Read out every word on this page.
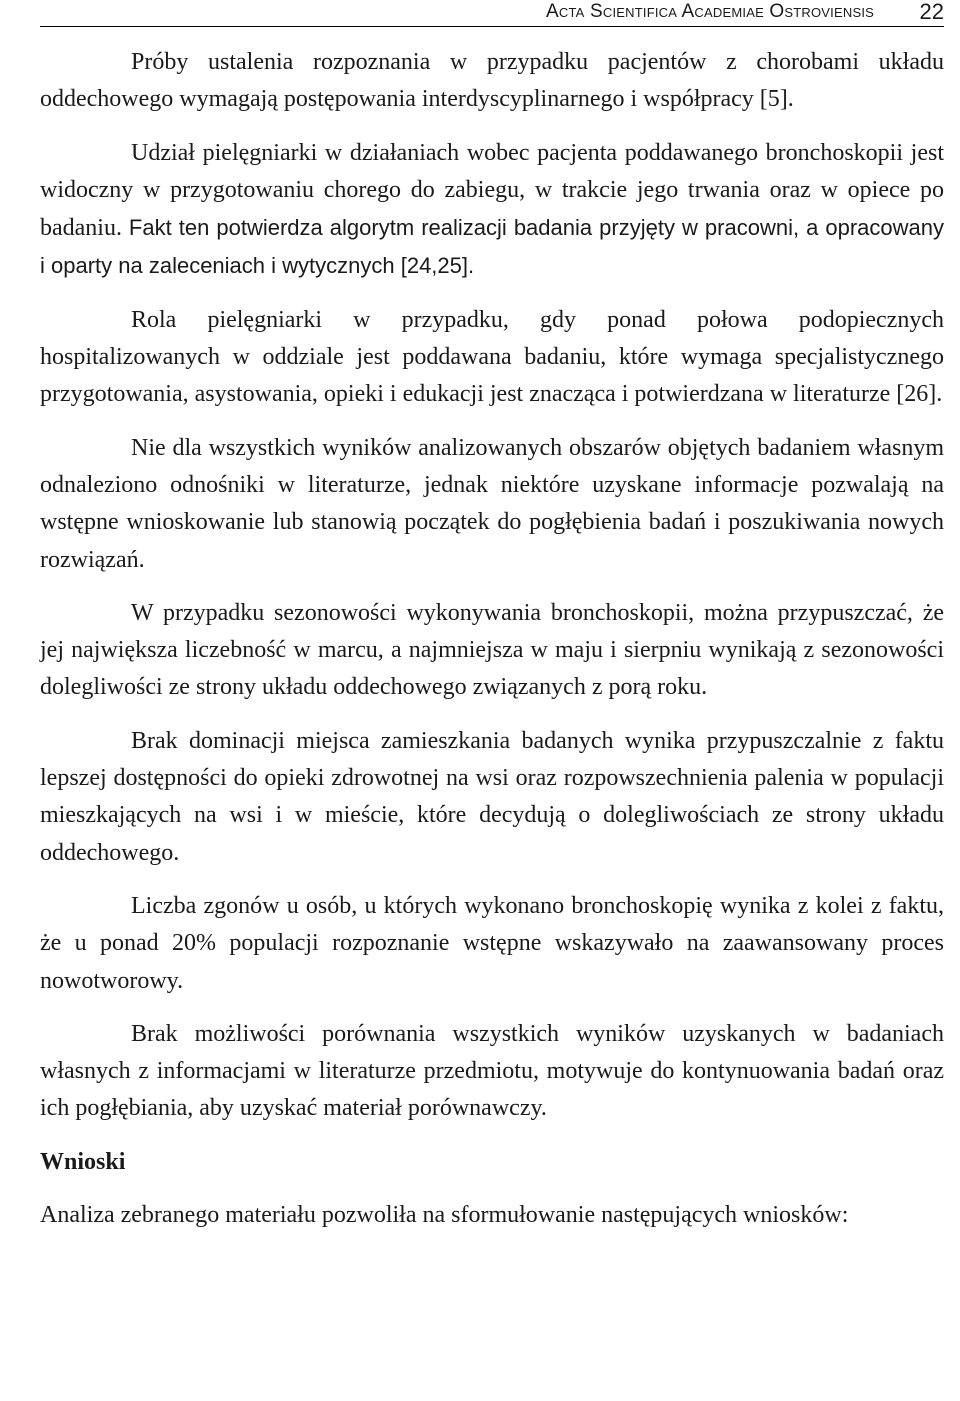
Acta Scientifica Academiae Ostroviensis 22

Próby ustalenia rozpoznania w przypadku pacjentów z chorobami układu oddechowego wymagają postępowania interdyscyplinarnego i współpracy [5].

Udział pielęgniarki w działaniach wobec pacjenta poddawanego bronchoskopii jest widoczny w przygotowaniu chorego do zabiegu, w trakcie jego trwania oraz w opiece po badaniu. Fakt ten potwierdza algorytm realizacji badania przyjęty w pracowni, a opracowany i oparty na zaleceniach i wytycznych [24,25].

Rola pielęgniarki w przypadku, gdy ponad połowa podopiecznych hospitalizowanych w oddziale jest poddawana badaniu, które wymaga specjalistycznego przygotowania, asystowania, opieki i edukacji jest znacząca i potwierdzana w literaturze [26].

Nie dla wszystkich wyników analizowanych obszarów objętych badaniem własnym odnaleziono odnośniki w literaturze, jednak niektóre uzyskane informacje pozwalają na wstępne wnioskowanie lub stanowią początek do pogłębienia badań i poszukiwania nowych rozwiązań.

W przypadku sezonowości wykonywania bronchoskopii, można przypuszczać, że jej największa liczebność w marcu, a najmniejsza w maju i sierpniu wynikają z sezonowości dolegliwości ze strony układu oddechowego związanych z porą roku.

Brak dominacji miejsca zamieszkania badanych wynika przypuszczalnie z faktu lepszej dostępności do opieki zdrowotnej na wsi oraz rozpowszechnienia palenia w populacji mieszkających na wsi i w mieście, które decydują o dolegliwościach ze strony układu oddechowego.

Liczba zgonów u osób, u których wykonano bronchoskopię wynika z kolei z faktu, że u ponad 20% populacji rozpoznanie wstępne wskazywało na zaawansowany proces nowotworowy.

Brak możliwości porównania wszystkich wyników uzyskanych w badaniach własnych z informacjami w literaturze przedmiotu, motywuje do kontynuowania badań oraz ich pogłębiania, aby uzyskać materiał porównawczy.

Wnioski

Analiza zebranego materiału pozwoliła na sformułowanie następujących wniosków:
